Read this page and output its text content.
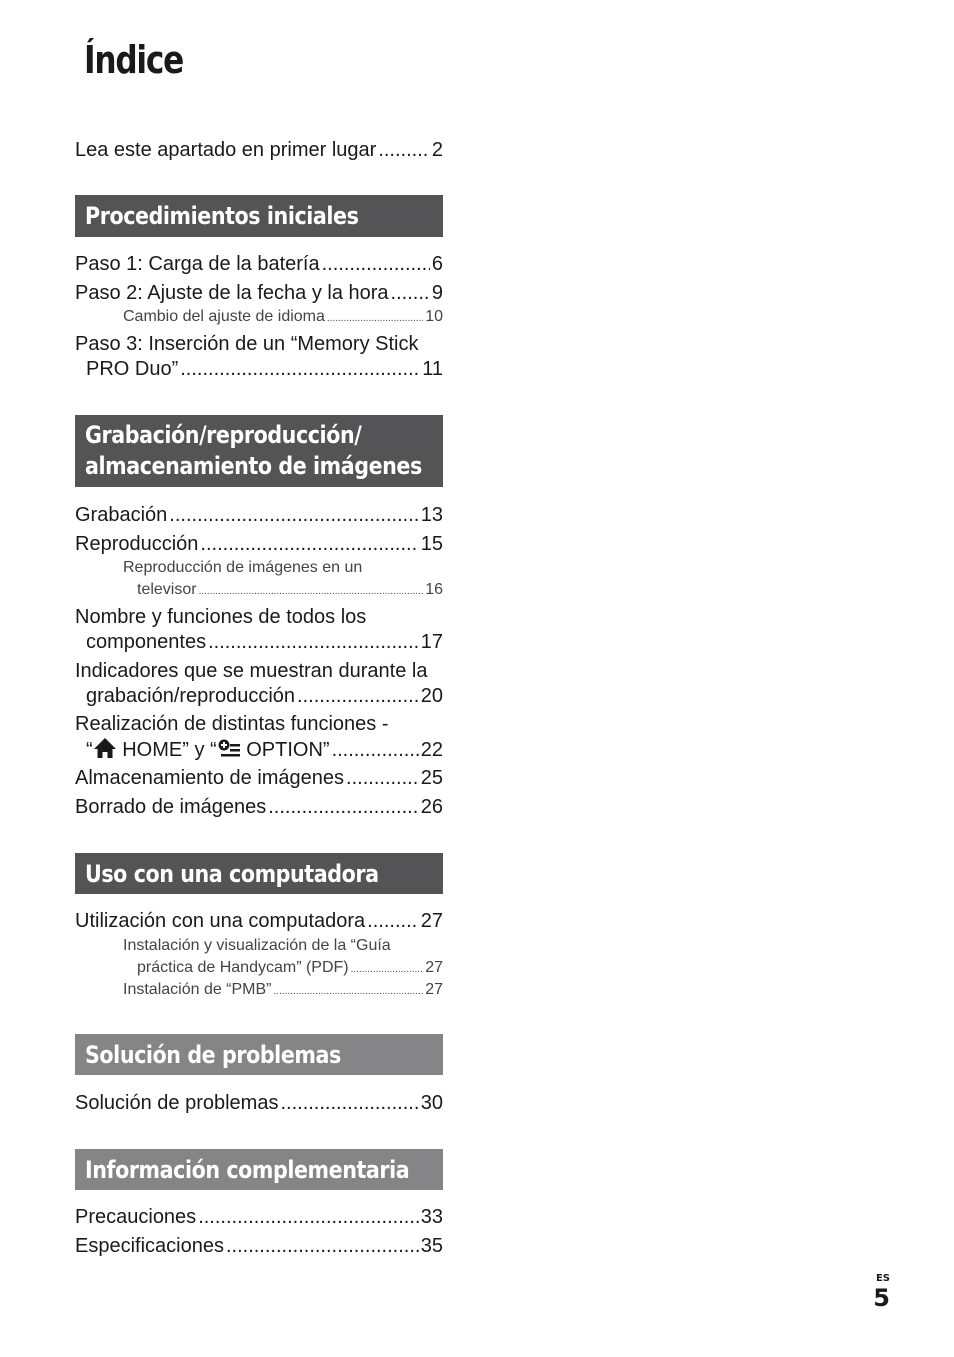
Índice
Lea este apartado en primer lugar .....	2
Procedimientos iniciales
Paso 1: Carga de la batería .....	6
Paso 2: Ajuste de la fecha y la hora ..... 9
Cambio del ajuste de idioma .....	10
Paso 3: Inserción de un “Memory Stick
PRO Duo” .....	11
Grabación/reproducción/
almacenamiento de imágenes
Grabación .....	13
Reproducción .....	15
Reproducción de imágenes en un
televisor .....	16
Nombre y funciones de todos los
componentes .....	17
Indicadores que se muestran durante la
grabación/reproducción .....	20
Realización de distintas funciones -
“ HOME” y “ OPTION” .....	22
Almacenamiento de imágenes .....	25
Borrado de imágenes .....	26
Uso con una computadora
Utilización con una computadora .....	27
Instalación y visualización de la “Guía
práctica de Handycam” (PDF) .....	27
Instalación de “PMB” .....	27
Solución de problemas
Solución de problemas .....	30
Información complementaria
Precauciones .....	33
Especificaciones .....	35
ES
5
